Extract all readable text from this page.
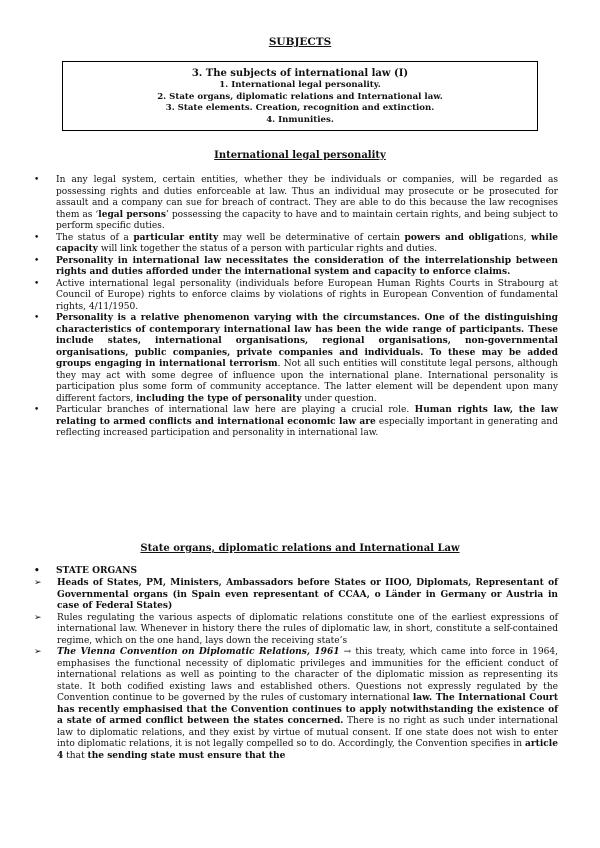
SUBJECTS
3. The subjects of international law (I)
1. International legal personality.
2. State organs, diplomatic relations and International law.
3. State elements. Creation, recognition and extinction.
4. Inmunities.
International legal personality
• In any legal system, certain entities, whether they be individuals or companies, will be regarded as possessing rights and duties enforceable at law. Thus an individual may prosecute or be prosecuted for assault and a company can sue for breach of contract. They are able to do this because the law recognises them as ‘legal persons’ possessing the capacity to have and to maintain certain rights, and being subject to perform specific duties.
• The status of a particular entity may well be determinative of certain powers and obligations, while capacity will link together the status of a person with particular rights and duties.
• Personality in international law necessitates the consideration of the interrelationship between rights and duties afforded under the international system and capacity to enforce claims.
• Active international legal personality (individuals before European Human Rights Courts in Strabourg at Council of Europe) rights to enforce claims by violations of rights in European Convention of fundamental rights, 4/11/1950.
• Personality is a relative phenomenon varying with the circumstances. One of the distinguishing characteristics of contemporary international law has been the wide range of participants. These include states, international organisations, regional organisations, non-governmental organisations, public companies, private companies and individuals. To these may be added groups engaging in international terrorism. Not all such entities will constitute legal persons, although they may act with some degree of influence upon the international plane. International personality is participation plus some form of community acceptance. The latter element will be dependent upon many different factors, including the type of personality under question.
• Particular branches of international law here are playing a crucial role. Human rights law, the law relating to armed conflicts and international economic law are especially important in generating and reflecting increased participation and personality in international law.
State organs, diplomatic relations and International Law
• STATE ORGANS
➢ Heads of States, PM, Ministers, Ambassadors before States or IIOO, Diplomats, Representant of Governmental organs (in Spain even representant of CCAA, o Länder in Germany or Austria in case of Federal States)
➢ Rules regulating the various aspects of diplomatic relations constitute one of the earliest expressions of international law. Whenever in history there the rules of diplomatic law, in short, constitute a self-contained regime, which on the one hand, lays down the receiving state’s
➢ The Vienna Convention on Diplomatic Relations, 1961 → this treaty, which came into force in 1964, emphasises the functional necessity of diplomatic privileges and immunities for the efficient conduct of international relations as well as pointing to the character of the diplomatic mission as representing its state. It both codified existing laws and established others. Questions not expressly regulated by the Convention continue to be governed by the rules of customary international law. The International Court has recently emphasised that the Convention continues to apply notwithstanding the existence of a state of armed conflict between the states concerned. There is no right as such under international law to diplomatic relations, and they exist by virtue of mutual consent. If one state does not wish to enter into diplomatic relations, it is not legally compelled so to do. Accordingly, the Convention specifies in article 4 that the sending state must ensure that the
